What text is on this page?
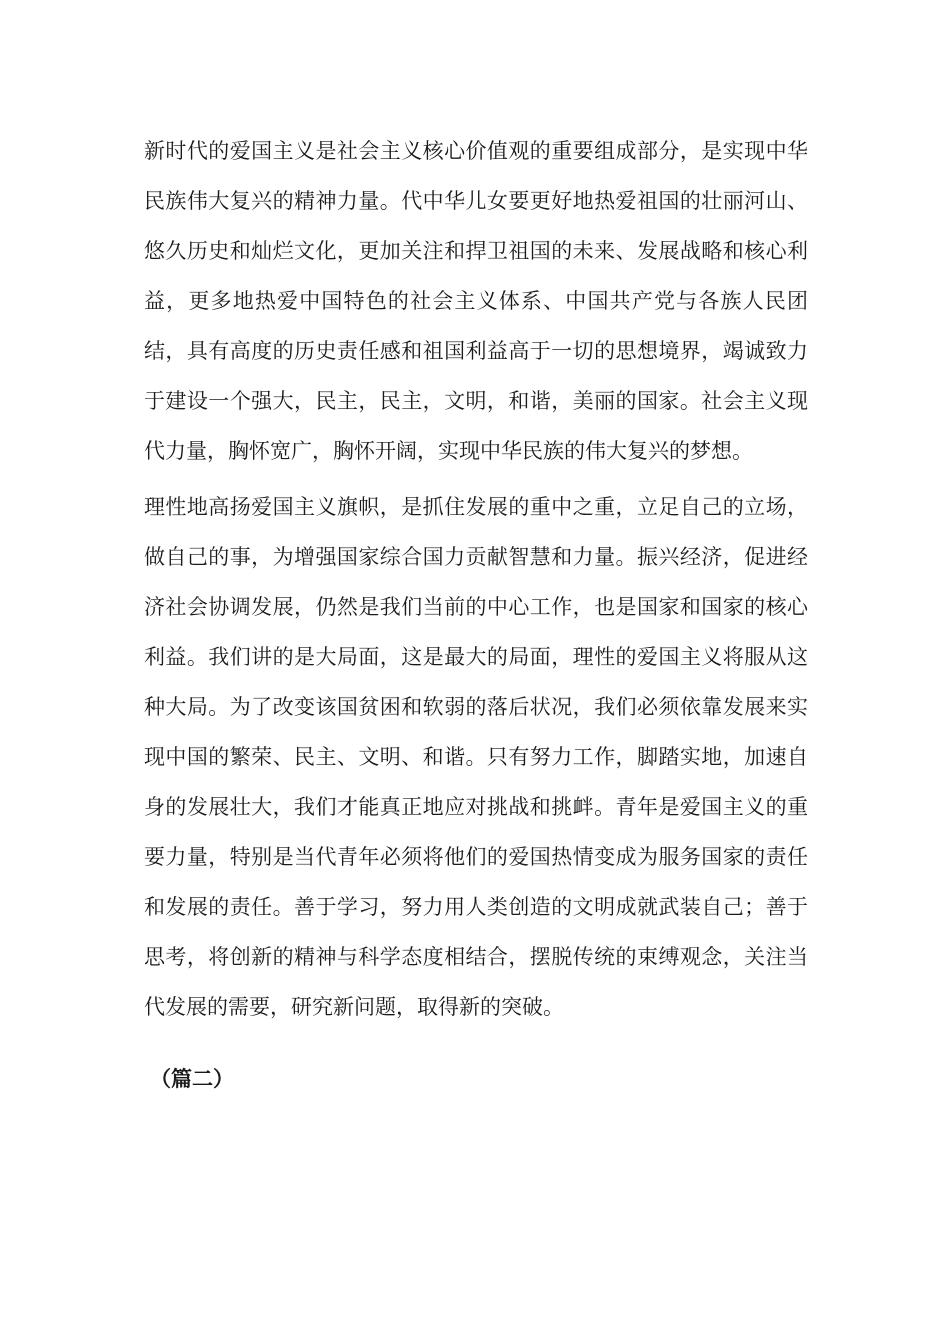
新时代的爱国主义是社会主义核心价值观的重要组成部分，是实现中华民族伟大复兴的精神力量。代中华儿女要更好地热爱祖国的壮丽河山、悠久历史和灿烂文化，更加关注和捍卫祖国的未来、发展战略和核心利益，更多地热爱中国特色的社会主义体系、中国共产党与各族人民团结，具有高度的历史责任感和祖国利益高于一切的思想境界，竭诚致力于建设一个强大，民主，民主，文明，和谐，美丽的国家。社会主义现代力量，胸怀宽广，胸怀开阔，实现中华民族的伟大复兴的梦想。

理性地高扬爱国主义旗帜，是抓住发展的重中之重，立足自己的立场，做自己的事，为增强国家综合国力贡献智慧和力量。振兴经济，促进经济社会协调发展，仍然是我们当前的中心工作，也是国家和国家的核心利益。我们讲的是大局面，这是最大的局面，理性的爱国主义将服从这种大局。为了改变该国贫困和软弱的落后状况，我们必须依靠发展来实现中国的繁荣、民主、文明、和谐。只有努力工作，脚踏实地，加速自身的发展壮大，我们才能真正地应对挑战和挑衅。青年是爱国主义的重要力量，特别是当代青年必须将他们的爱国热情变成为服务国家的责任和发展的责任。善于学习，努力用人类创造的文明成就武装自己；善于思考，将创新的精神与科学态度相结合，摆脱传统的束缚观念，关注当代发展的需要，研究新问题，取得新的突破。

（篇二）
